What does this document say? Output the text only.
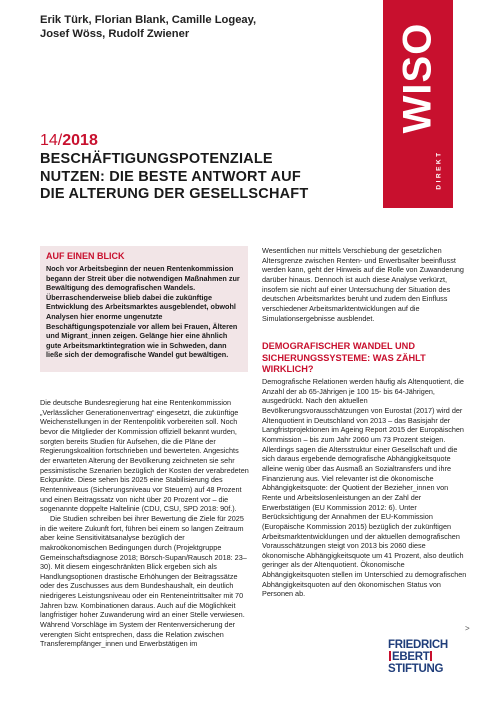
Erik Türk, Florian Blank, Camille Logeay,
Josef Wöss, Rudolf Zwiener	WISO
DIREKT
14/2018
BESCHÄFTIGUNGSPOTENZIALE
NUTZEN: DIE BESTE ANTWORT AUF
DIE ALTERUNG DER GESELLSCHAFT
AUF EINEN BLICK

Noch vor Arbeitsbeginn der neuen Rentenkommission begann der Streit über die notwendigen Maßnahmen zur Bewältigung des demografischen Wandels. Überraschenderweise blieb dabei die zukünftige Entwicklung des Arbeitsmarktes ausgeblendet, obwohl Analysen hier enorme ungenutzte Beschäftigungspotenziale vor allem bei Frauen, Älteren und Migrant_innen zeigen. Gelänge hier eine ähnlich gute Arbeitsmarktintegration wie in Schweden, dann ließe sich der demografische Wandel gut bewältigen.

Wesentlichen nur mittels Verschiebung der gesetzlichen Altersgrenze zwischen Renten- und Erwerbsalter beeinflusst werden kann, geht der Hinweis auf die Rolle von Zuwanderung darüber hinaus. Dennoch ist auch diese Analyse verkürzt, insofern sie nicht auf einer Untersuchung der Situation des deutschen Arbeitsmarktes beruht und zudem den Einfluss verschiedener Arbeitsmarktentwicklungen auf die Simulationsergebnisse ausblendet.

DEMOGRAFISCHER WANDEL UND SICHERUNGSSYSTEME: WAS ZÄHLT WIRKLICH?

Demografische Relationen werden häufig als Altenquotient, die Anzahl der ab 65-Jährigen je 100 15- bis 64-Jährigen, ausgedrückt. Nach den aktuellen Bevölkerungsvorausschätzungen von Eurostat (2017) wird der Altenquotient in Deutschland von 2013 – das Basisjahr der Langfristprojektionen im Ageing Report 2015 der Europäischen Kommission – bis zum Jahr 2060 um 73 Prozent steigen. Allerdings sagen die Altersstruktur einer Gesellschaft und die sich daraus ergebende demografische Abhängigkeitsquote alleine wenig über das Ausmaß an Sozialtransfers und ihre Finanzierung aus. Viel relevanter ist die ökonomische Abhängigkeitsquote: der Quotient der Bezieher_innen von Rente und Arbeitslosenleistungen an der Zahl der Erwerbstätigen (EU Kommission 2012: 6). Unter Berücksichtigung der Annahmen der EU-Kommission (Europäische Kommission 2015) bezüglich der zukünftigen Arbeitsmarktentwicklungen und der aktuellen demografischen Vorausschätzungen steigt von 2013 bis 2060 diese ökonomische Abhängigkeitsquote um 41 Prozent, also deutlich geringer als der Altenquotient. Ökonomische Abhängigkeitsquoten stellen im Unterschied zu demografischen Abhängigkeitsquoten auf den ökonomischen Status von Personen ab.

Die deutsche Bundesregierung hat eine Rentenkommission „Verlässlicher Generationenvertrag“ eingesetzt, die zukünftige Weichenstellungen in der Rentenpolitik vorbereiten soll. Noch bevor die Mitglieder der Kommission offiziell bekannt wurden, sorgten bereits Studien für Aufsehen, die die Pläne der Regierungskoalition fortschrieben und bewerteten. Angesichts der erwarteten Alterung der Bevölkerung zeichneten sie sehr pessimistische Szenarien bezüglich der Kosten der verabredeten Eckpunkte. Diese sehen bis 2025 eine Stabilisierung des Rentenniveaus (Sicherungsniveau vor Steuern) auf 48 Prozent und einen Beitragssatz von nicht über 20 Prozent vor – die sogenannte doppelte Haltelinie (CDU, CSU, SPD 2018: 90f.).

Die Studien schreiben bei ihrer Bewertung die Ziele für 2025 in die weitere Zukunft fort, führen bei einem so langen Zeitraum aber keine Sensitivitätsanalyse bezüglich der makroökonomischen Bedingungen durch (Projektgruppe Gemeinschaftsdiagnose 2018; Börsch-Supan/Rausch 2018: 23–30). Mit diesem eingeschränkten Blick ergeben sich als Handlungsoptionen drastische Erhöhungen der Beitragssätze oder des Zuschusses aus dem Bundeshaushalt, ein deutlich niedrigeres Leistungsniveau oder ein Renteneintrittsalter mit 70 Jahren bzw. Kombinationen daraus. Auch auf die Möglichkeit langfristiger hoher Zuwanderung wird an einer Stelle verwiesen. Während Vorschläge im System der Rentenversicherung der verengten Sicht entsprechen, dass die Relation zwischen Transferempfänger_innen und Erwerbstätigen im

>
FRIEDRICH
EBERT
STIFTUNG
